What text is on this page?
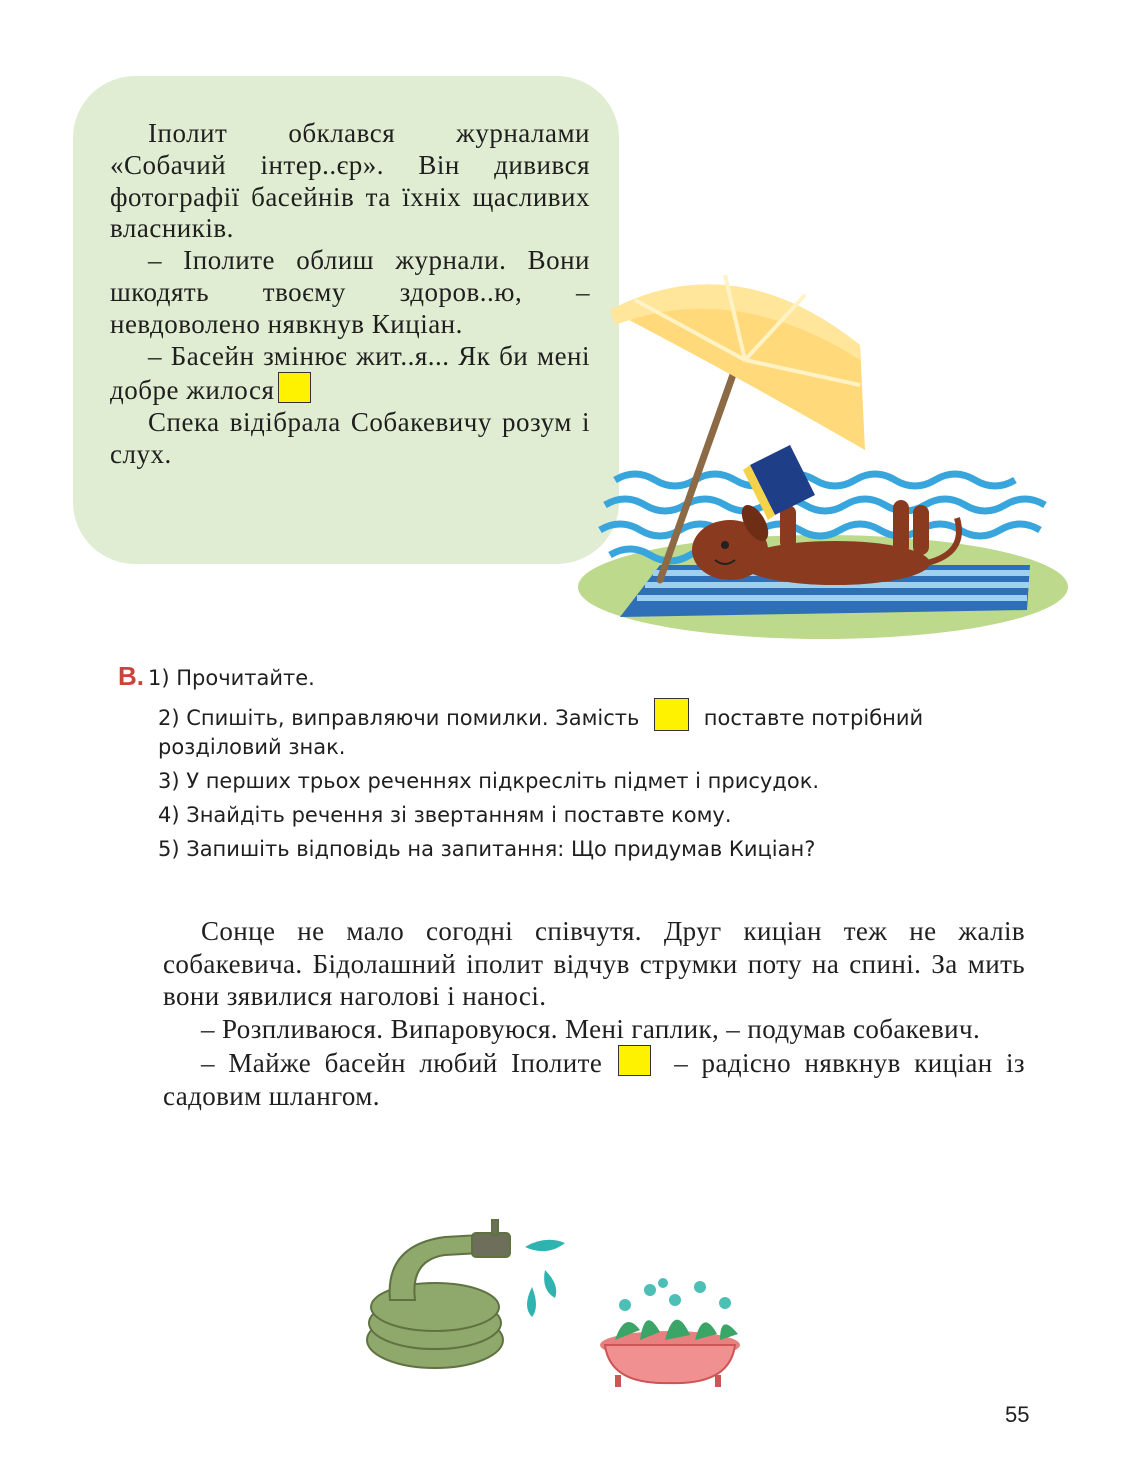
Іполит обклався журналами «Собачий інтер..єр». Він дивився фотографії басейнів та їхніх щасливих власників.

– Іполите облиш журнали. Вони шкодять твоєму здоров..ю, – невдоволено нявкнув Киціан.

– Басейн змінює жит..я... Як би мені добре жилося

Спека відібрала Собакевичу розум і слух.

В. 1) Прочитайте.

2) Спишіть, виправляючи помилки. Замість	поставте потрібний розділовий знак.

3) У перших трьох реченнях підкресліть підмет і присудок.

4) Знайдіть речення зі звертанням і поставте кому.

5) Запишіть відповідь на запитання: Що придумав Киціан?

Сонце не мало согодні співчутя. Друг киціан теж не жалів собакевича. Бідолашний іполит відчув струмки поту на спині. За мить вони зявилися наголові і наносі.

– Розпливаюся. Випаровуюся. Мені гаплик, – подумав собакевич.

– Майже басейн любий Іполите	– радісно нявкнув киціан із садовим шлангом.

55
